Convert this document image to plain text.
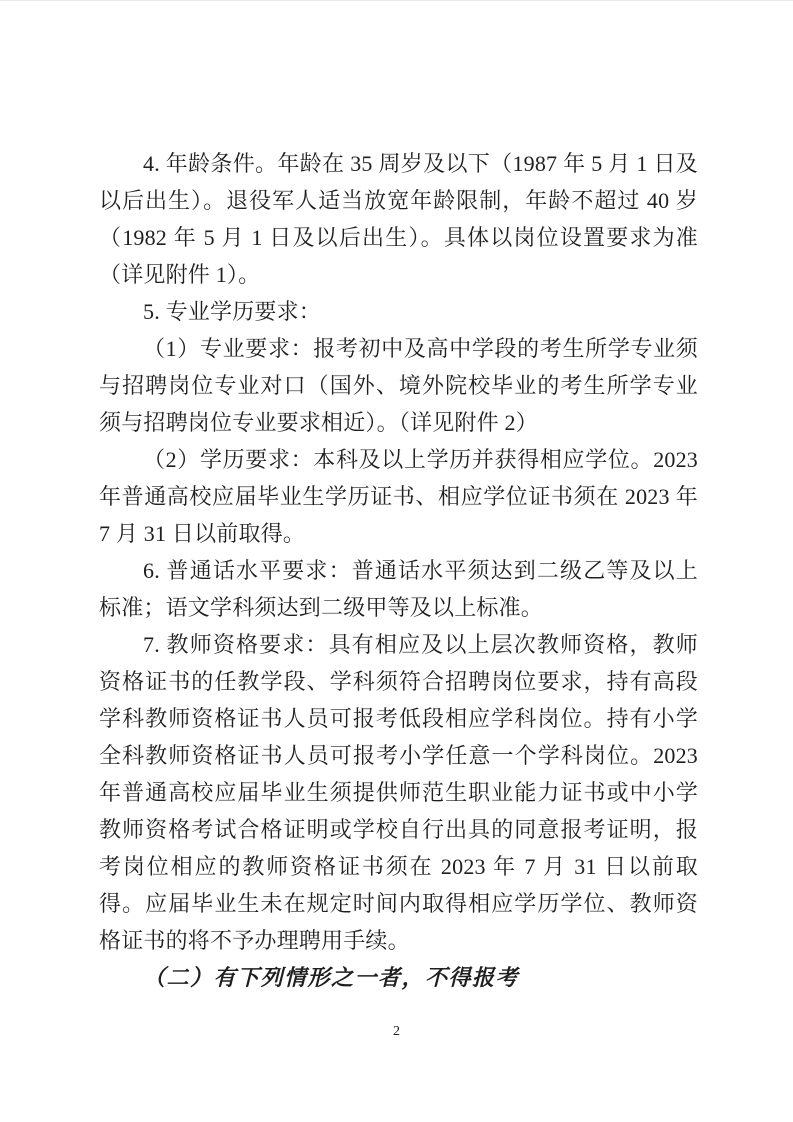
4. 年龄条件。年龄在 35 周岁及以下（1987 年 5 月 1 日及以后出生）。退役军人适当放宽年龄限制，年龄不超过 40 岁（1982 年 5 月 1 日及以后出生）。具体以岗位设置要求为准（详见附件 1）。

5. 专业学历要求：

（1）专业要求：报考初中及高中学段的考生所学专业须与招聘岗位专业对口（国外、境外院校毕业的考生所学专业须与招聘岗位专业要求相近）。（详见附件 2）

（2）学历要求：本科及以上学历并获得相应学位。2023 年普通高校应届毕业生学历证书、相应学位证书须在 2023 年 7 月 31 日以前取得。

6. 普通话水平要求：普通话水平须达到二级乙等及以上标准；语文学科须达到二级甲等及以上标准。

7. 教师资格要求：具有相应及以上层次教师资格，教师资格证书的任教学段、学科须符合招聘岗位要求，持有高段学科教师资格证书人员可报考低段相应学科岗位。持有小学全科教师资格证书人员可报考小学任意一个学科岗位。2023 年普通高校应届毕业生须提供师范生职业能力证书或中小学教师资格考试合格证明或学校自行出具的同意报考证明，报考岗位相应的教师资格证书须在 2023 年 7 月 31 日以前取得。应届毕业生未在规定时间内取得相应学历学位、教师资格证书的将不予办理聘用手续。

（二）有下列情形之一者，不得报考

2
